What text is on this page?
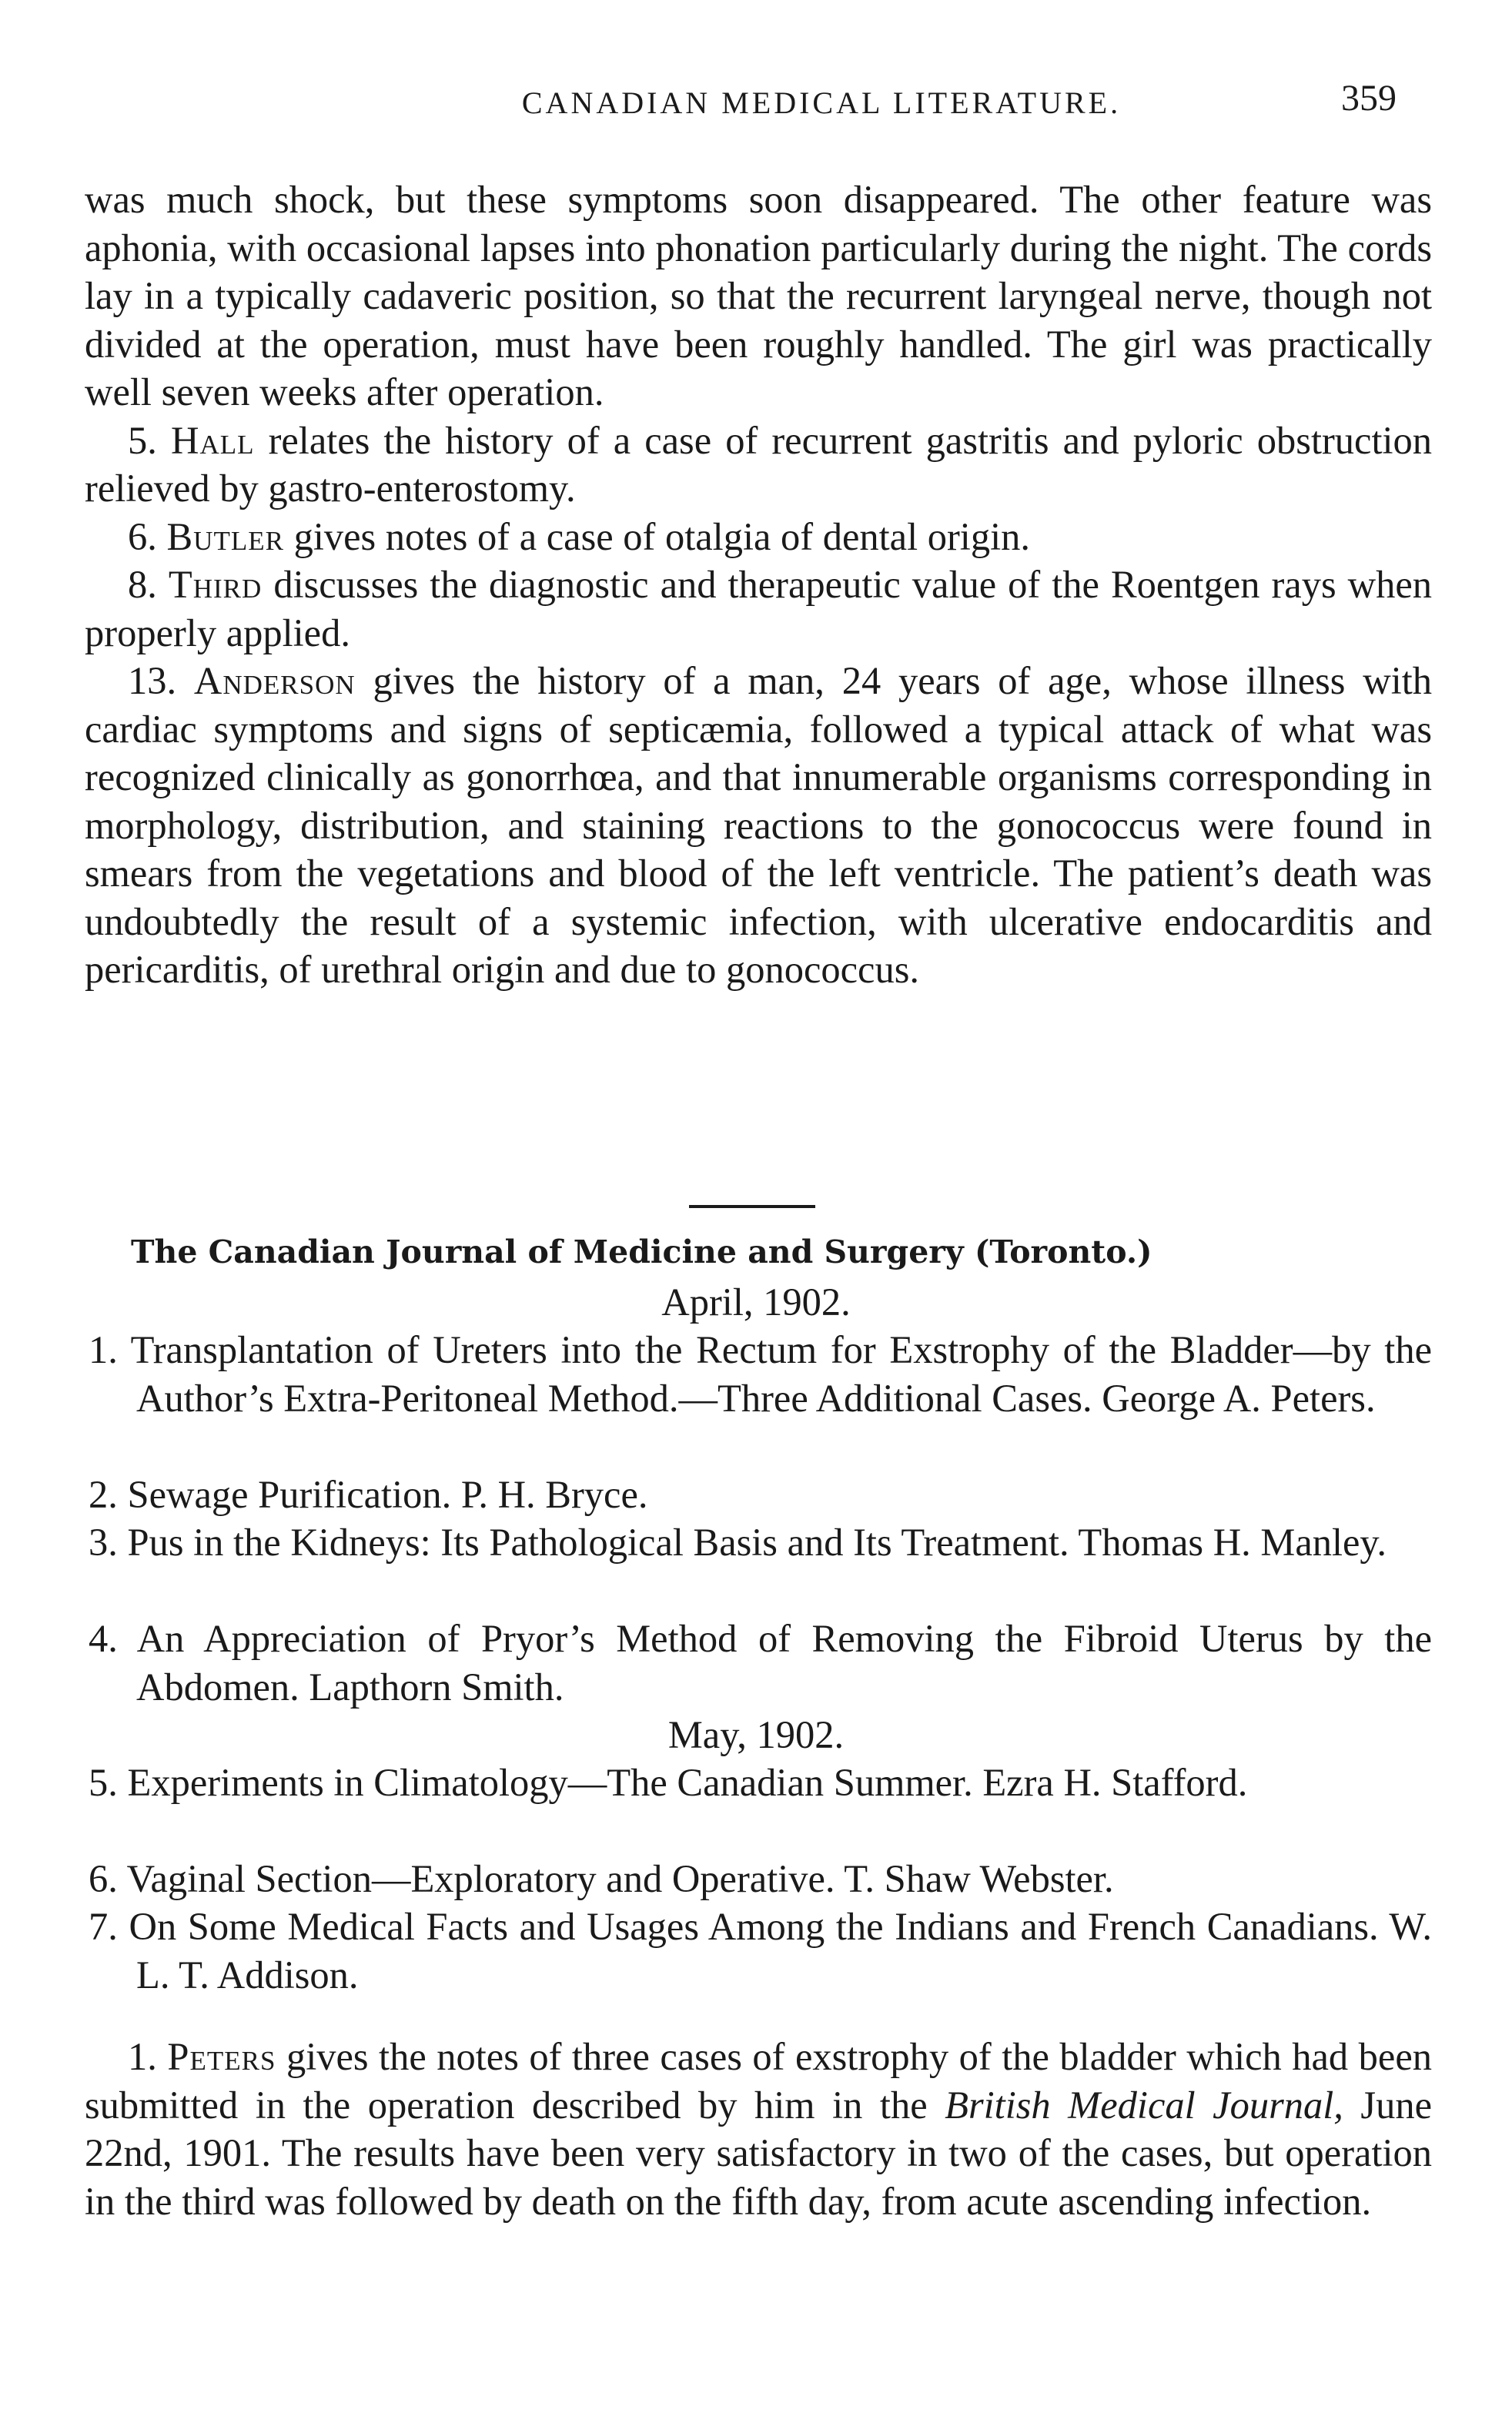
CANADIAN MEDICAL LITERATURE.	359

was much shock, but these symptoms soon disappeared. The other feature was aphonia, with occasional lapses into phonation particularly during the night. The cords lay in a typically cadaveric position, so that the recurrent laryngeal nerve, though not divided at the operation, must have been roughly handled. The girl was practically well seven weeks after operation.

5. Hall relates the history of a case of recurrent gastritis and pyloric obstruction relieved by gastro-enterostomy.

6. Butler gives notes of a case of otalgia of dental origin.

8. Third discusses the diagnostic and therapeutic value of the Roentgen rays when properly applied.

13. Anderson gives the history of a man, 24 years of age, whose illness with cardiac symptoms and signs of septicæmia, followed a typical attack of what was recognized clinically as gonorrhœa, and that innumerable organisms corresponding in morphology, distribution, and staining reactions to the gonococcus were found in smears from the vegetations and blood of the left ventricle. The patient’s death was undoubtedly the result of a systemic infection, with ulcerative endocarditis and pericarditis, of urethral origin and due to gonococcus.

The Canadian Journal of Medicine and Surgery (Toronto.)
April, 1902.
1. Transplantation of Ureters into the Rectum for Exstrophy of the Bladder—by the Author’s Extra-Peritoneal Method.—Three Additional Cases. George A. Peters.
2. Sewage Purification. P. H. Bryce.
3. Pus in the Kidneys: Its Pathological Basis and Its Treatment. Thomas H. Manley.
4. An Appreciation of Pryor’s Method of Removing the Fibroid Uterus by the Abdomen. Lapthorn Smith.
May, 1902.
5. Experiments in Climatology—The Canadian Summer. Ezra H. Stafford.
6. Vaginal Section—Exploratory and Operative. T. Shaw Webster.
7. On Some Medical Facts and Usages Among the Indians and French Canadians. W. L. T. Addison.

1. Peters gives the notes of three cases of exstrophy of the bladder which had been submitted in the operation described by him in the British Medical Journal, June 22nd, 1901. The results have been very satisfactory in two of the cases, but operation in the third was followed by death on the fifth day, from acute ascending infection.
